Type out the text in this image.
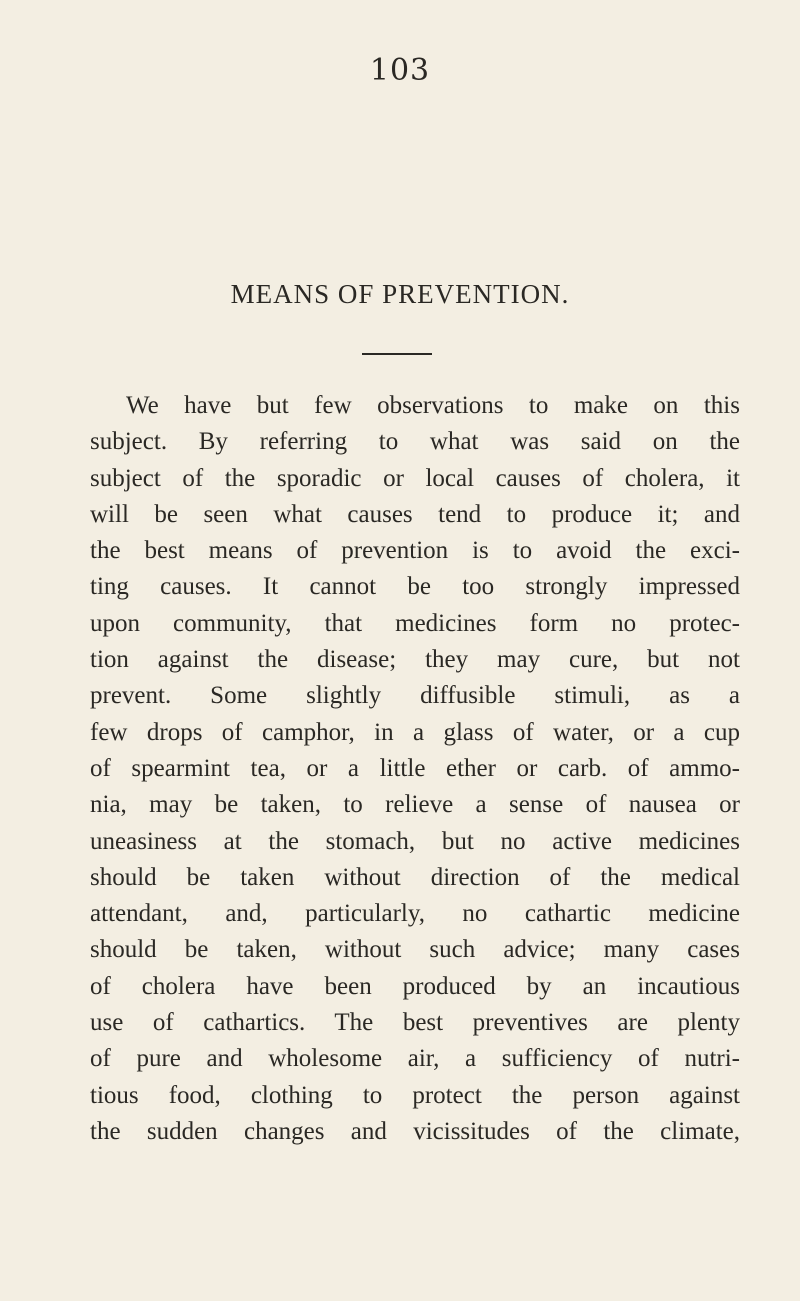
103
MEANS OF PREVENTION.
We have but few observations to make on this
subject. By referring to what was said on the
subject of the sporadic or local causes of cholera, it
will be seen what causes tend to produce it; and
the best means of prevention is to avoid the exci-
ting causes. It cannot be too strongly impressed
upon community, that medicines form no protec-
tion against the disease; they may cure, but not
prevent. Some slightly diffusible stimuli, as a
few drops of camphor, in a glass of water, or a cup
of spearmint tea, or a little ether or carb. of ammo-
nia, may be taken, to relieve a sense of nausea or
uneasiness at the stomach, but no active medicines
should be taken without direction of the medical
attendant, and, particularly, no cathartic medicine
should be taken, without such advice; many cases
of cholera have been produced by an incautious
use of cathartics. The best preventives are plenty
of pure and wholesome air, a sufficiency of nutri-
tious food, clothing to protect the person against
the sudden changes and vicissitudes of the climate,
